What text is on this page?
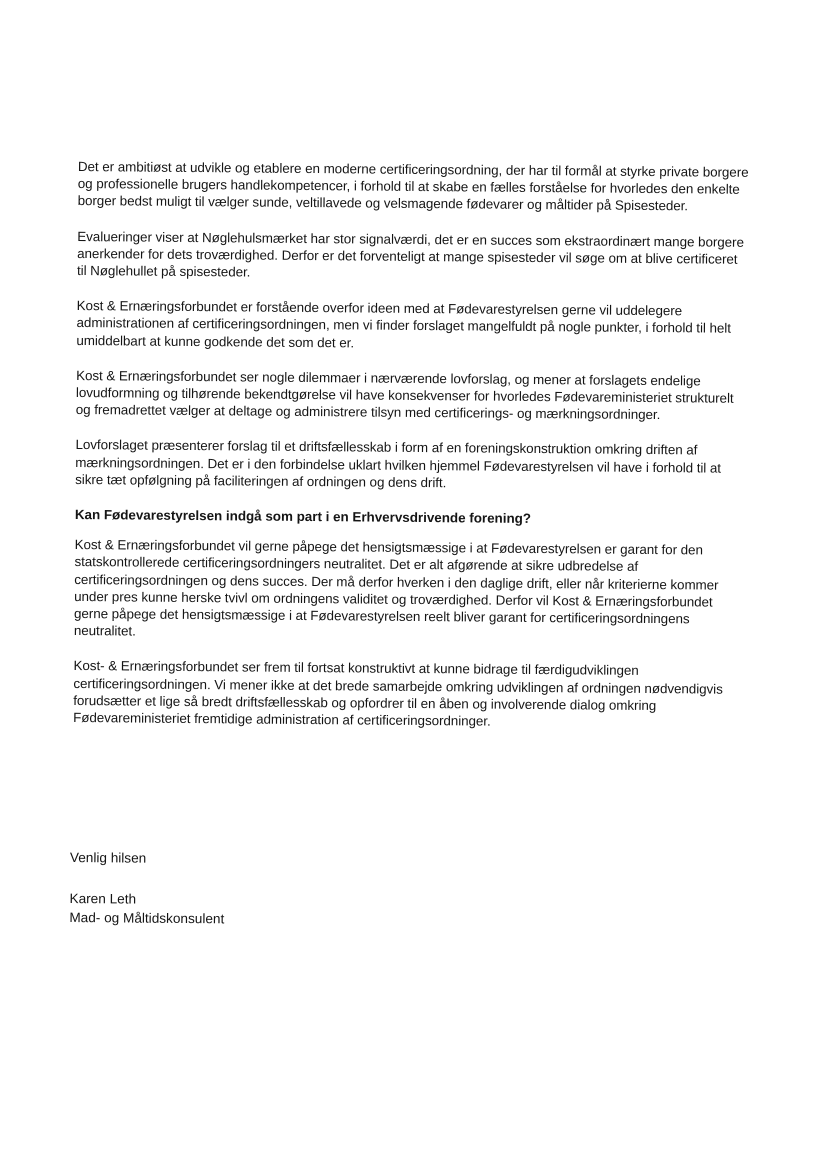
Det er ambitiøst at udvikle og etablere en moderne certificeringsordning, der har til formål at styrke private borgere og professionelle brugers handlekompetencer, i forhold til at skabe en fælles forståelse for hvorledes den enkelte borger bedst muligt til vælger sunde, veltillavede og velsmagende fødevarer og måltider på Spisesteder.

Evalueringer viser at Nøglehulsmærket har stor signalværdi, det er en succes som ekstraordinært mange borgere anerkender for dets troværdighed. Derfor er det forventeligt at mange spisesteder vil søge om at blive certificeret til Nøglehullet på spisesteder.

Kost & Ernæringsforbundet er forstående overfor ideen med at Fødevarestyrelsen gerne vil uddelegere administrationen af certificeringsordningen, men vi finder forslaget mangelfuldt på nogle punkter, i forhold til helt umiddelbart at kunne godkende det som det er.

Kost & Ernæringsforbundet ser nogle dilemmaer i nærværende lovforslag, og mener at forslagets endelige lovudformning og tilhørende bekendtgørelse vil have konsekvenser for hvorledes Fødevareministeriet strukturelt og fremadrettet vælger at deltage og administrere tilsyn med certificerings- og mærkningsordninger.

Lovforslaget præsenterer forslag til et driftsfællesskab i form af en foreningskonstruktion omkring driften af mærkningsordningen. Det er i den forbindelse uklart hvilken hjemmel Fødevarestyrelsen vil have i forhold til at sikre tæt opfølgning på faciliteringen af ordningen og dens drift.

Kan Fødevarestyrelsen indgå som part i en Erhvervsdrivende forening?

Kost & Ernæringsforbundet vil gerne påpege det hensigtsmæssige i at Fødevarestyrelsen er garant for den statskontrollerede certificeringsordningers neutralitet. Det er alt afgørende at sikre udbredelse af certificeringsordningen og dens succes. Der må derfor hverken i den daglige drift, eller når kriterierne kommer under pres kunne herske tvivl om ordningens validitet og troværdighed. Derfor vil Kost & Ernæringsforbundet gerne påpege det hensigtsmæssige i at Fødevarestyrelsen reelt bliver garant for certificeringsordningens neutralitet.

Kost- & Ernæringsforbundet ser frem til fortsat konstruktivt at kunne bidrage til færdigudviklingen certificeringsordningen. Vi mener ikke at det brede samarbejde omkring udviklingen af ordningen nødvendigvis forudsætter et lige så bredt driftsfællesskab og opfordrer til en åben og involverende dialog omkring Fødevareministeriet fremtidige administration af certificeringsordninger.

Venlig hilsen

Karen Leth

Mad- og Måltidskonsulent
